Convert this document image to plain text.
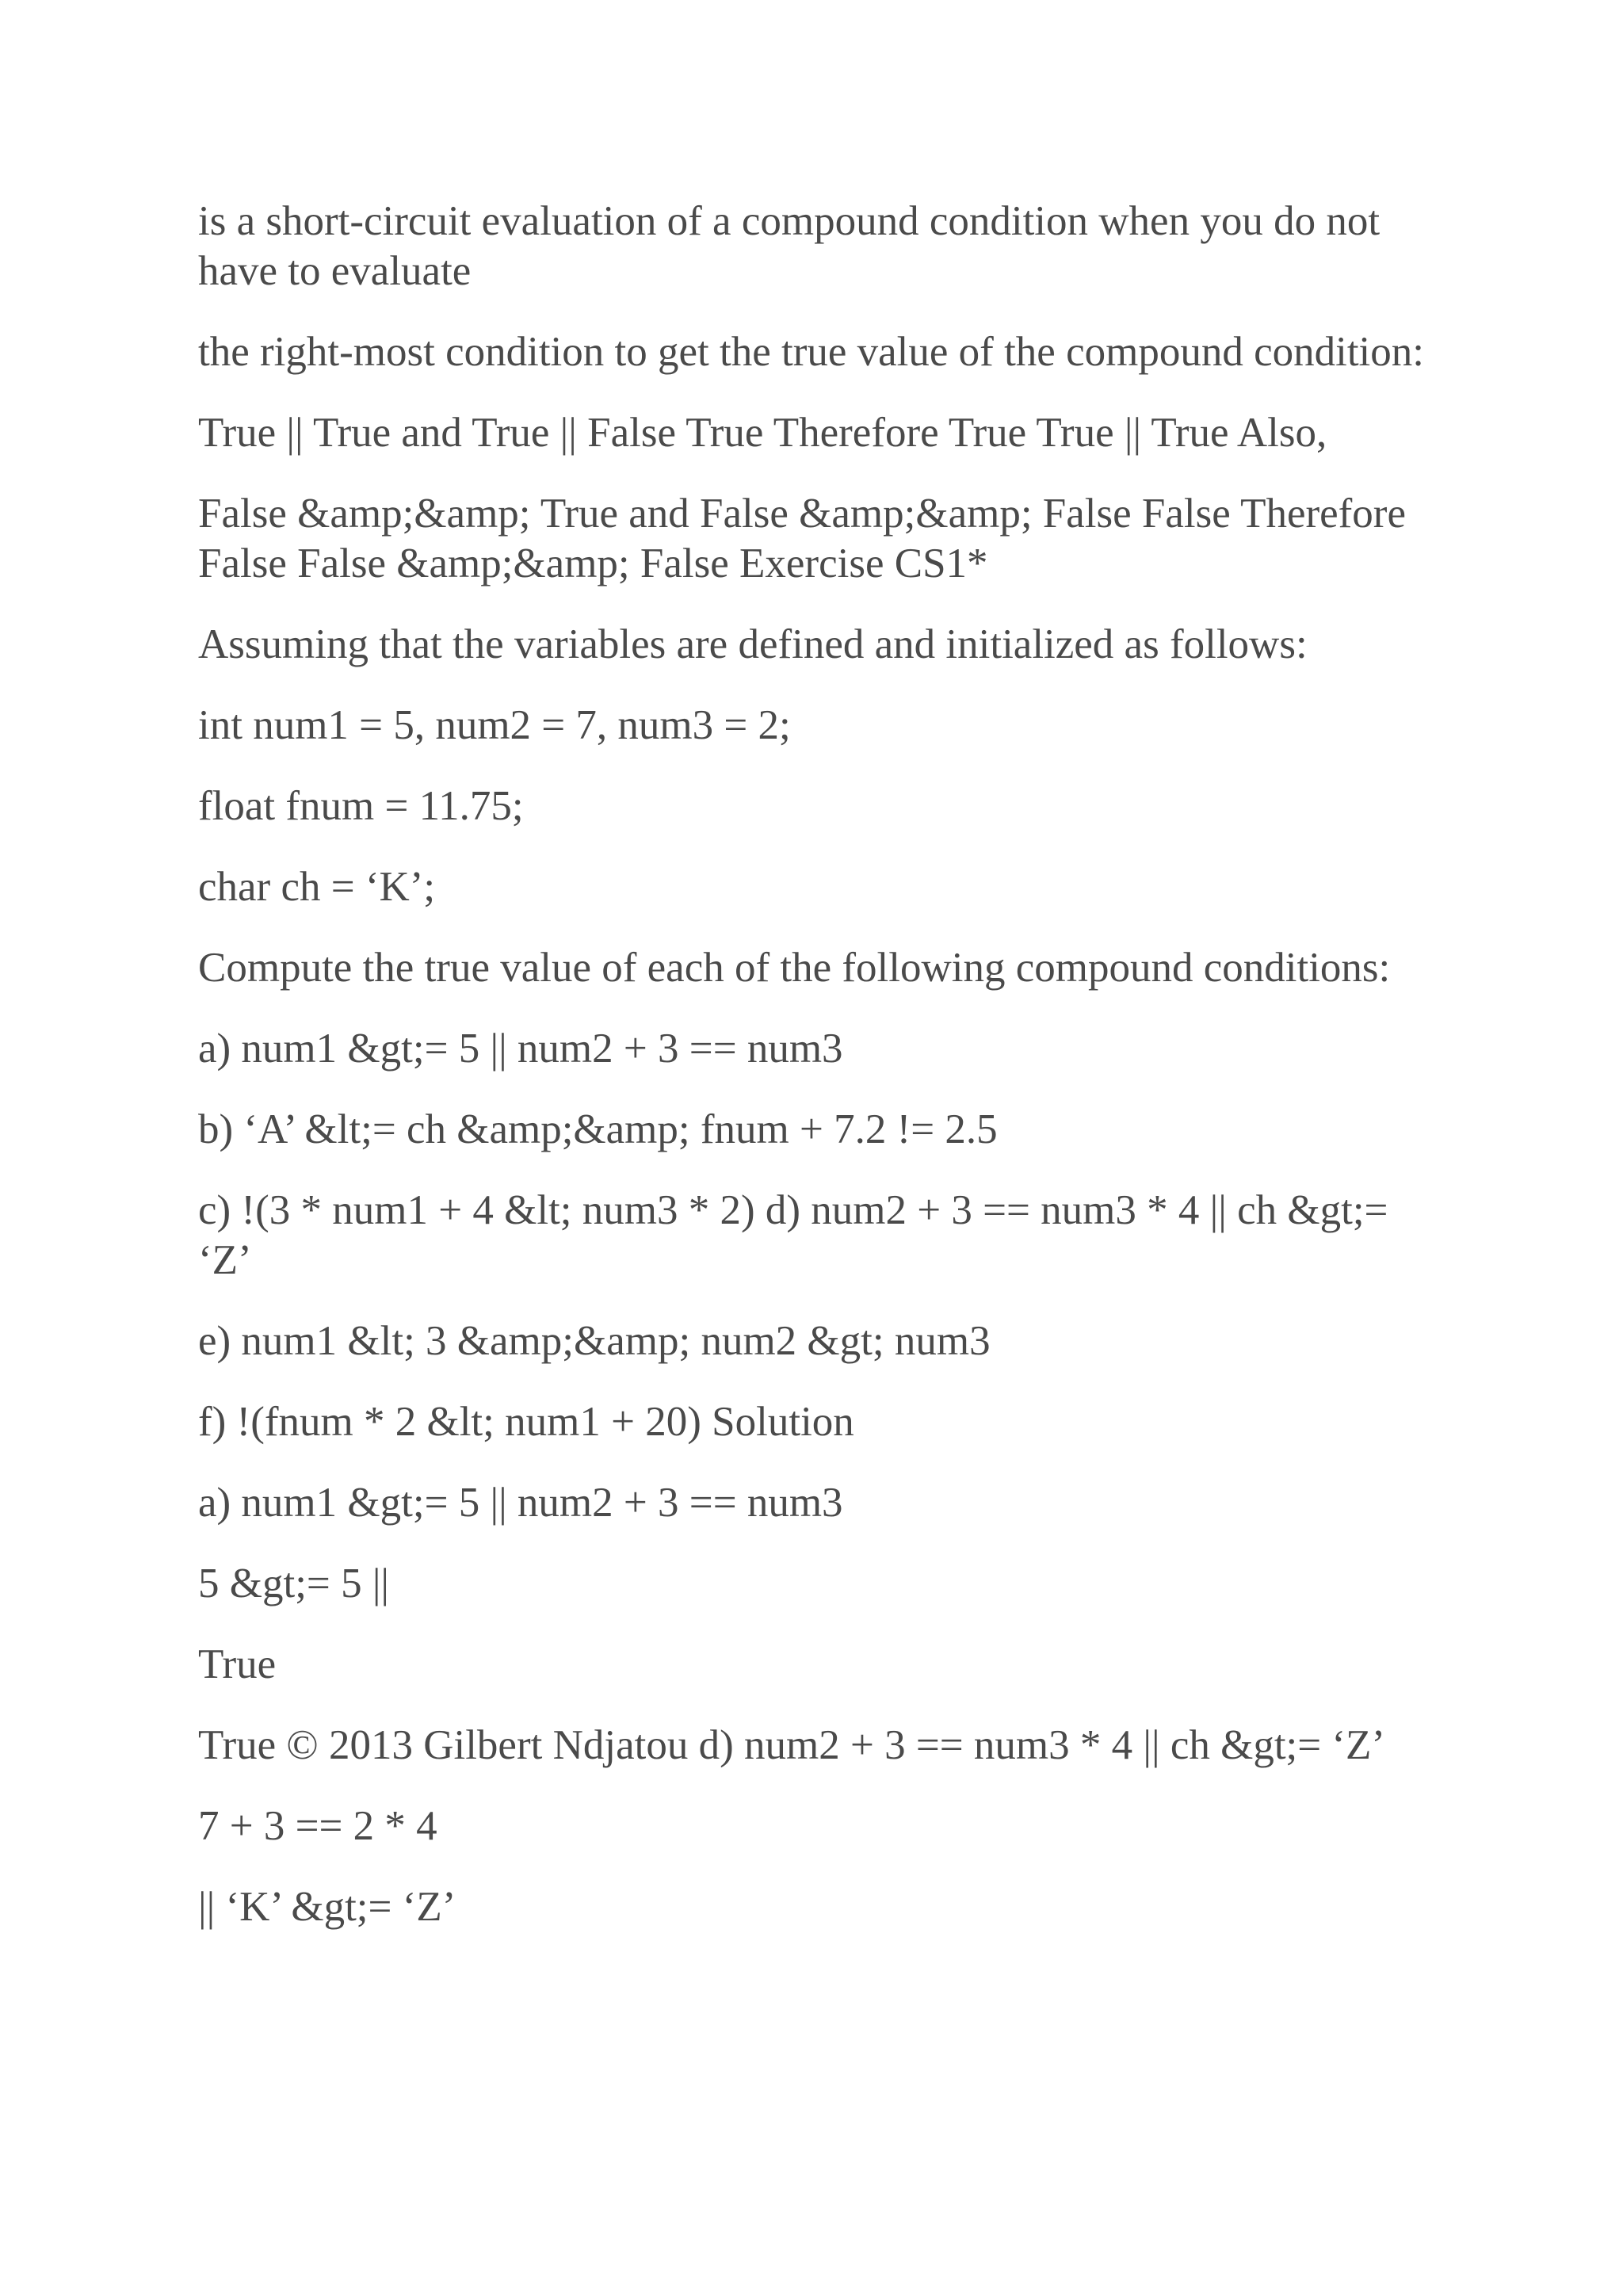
is a short-circuit evaluation of a compound condition when you do not have to evaluate

the right-most condition to get the true value of the compound condition:

True || True and True || False True Therefore True True || True Also,

False &amp;&amp; True and False &amp;&amp; False False Therefore False False &amp;&amp; False Exercise CS1*

Assuming that the variables are defined and initialized as follows:

int num1 = 5, num2 = 7, num3 = 2;

float fnum = 11.75;

char ch = ‘K’;

Compute the true value of each of the following compound conditions:

a) num1 &gt;= 5 || num2 + 3 == num3

b) ‘A’ &lt;= ch &amp;&amp; fnum + 7.2 != 2.5

c) !(3 * num1 + 4 &lt; num3 * 2) d) num2 + 3 == num3 * 4 || ch &gt;= ‘Z’

e) num1 &lt; 3 &amp;&amp; num2 &gt; num3

f) !(fnum * 2 &lt; num1 + 20) Solution

a) num1 &gt;= 5 || num2 + 3 == num3

5 &gt;= 5 ||

True

True © 2013 Gilbert Ndjatou d) num2 + 3 == num3 * 4 || ch &gt;= ‘Z’

7 + 3 == 2 * 4

|| ‘K’ &gt;= ‘Z’
